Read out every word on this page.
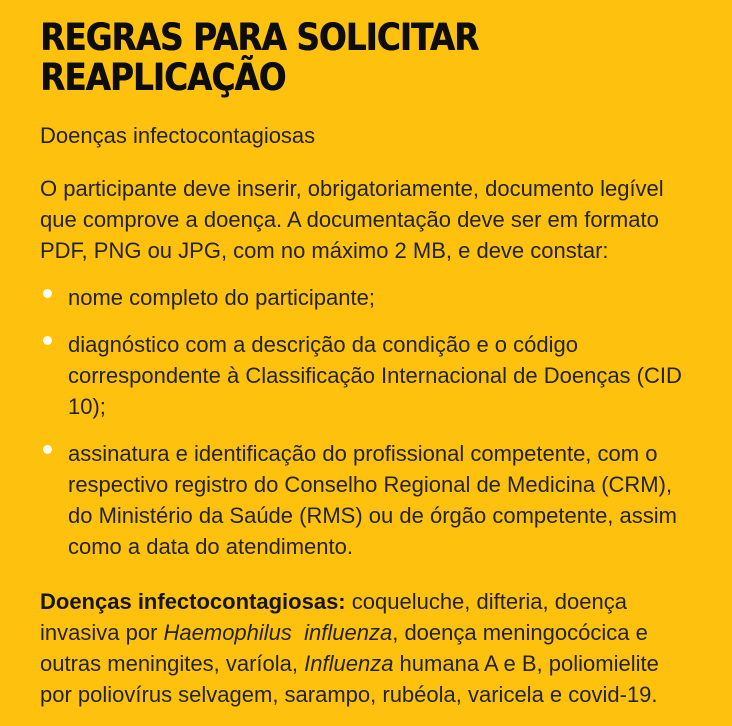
REGRAS PARA SOLICITAR
REAPLICAÇÃO

Doenças infectocontagiosas

O participante deve inserir, obrigatoriamente, documento legível que comprove a doença. A documentação deve ser em formato PDF, PNG ou JPG, com no máximo 2 MB, e deve constar:

nome completo do participante;
diagnóstico com a descrição da condição e o código correspondente à Classificação Internacional de Doenças (CID 10);
assinatura e identificação do profissional competente, com o respectivo registro do Conselho Regional de Medicina (CRM), do Ministério da Saúde (RMS) ou de órgão competente, assim como a data do atendimento.

Doenças infectocontagiosas: coqueluche, difteria, doença invasiva por Haemophilus  influenza, doença meningocócica e outras meningites, varíola, Influenza humana A e B, poliomielite por poliovírus selvagem, sarampo, rubéola, varicela e covid-19.
